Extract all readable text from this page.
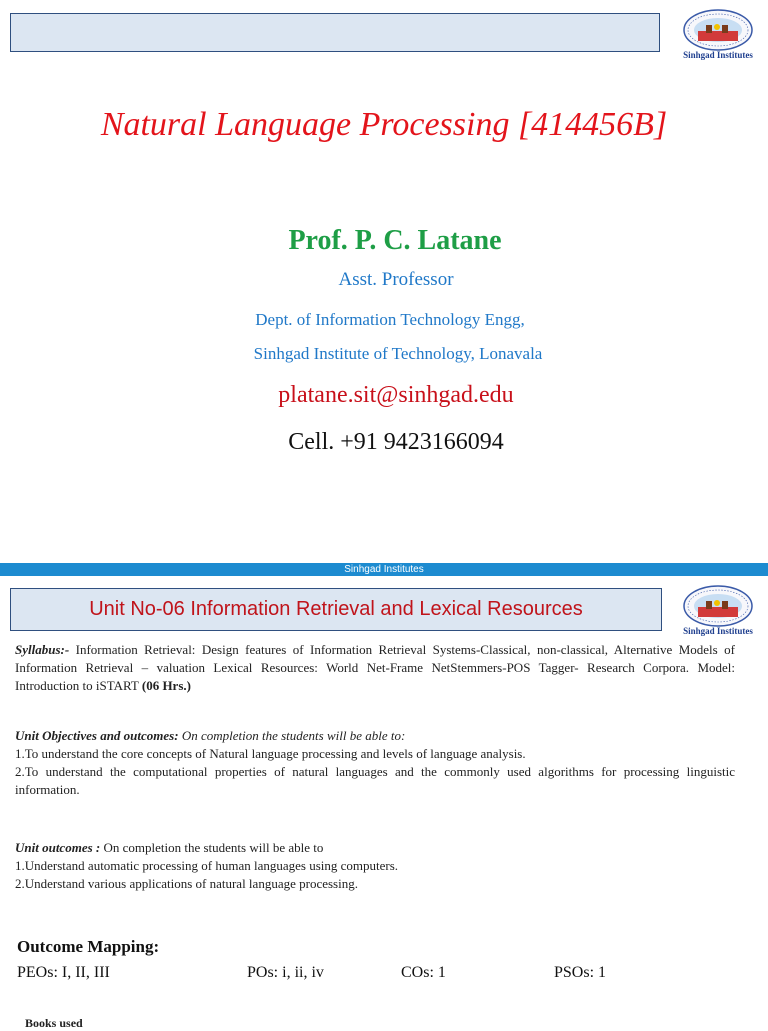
Sinhgad Institutes
Natural Language Processing [414456B]
Prof. P. C. Latane
Asst. Professor
Dept. of Information Technology Engg,
Sinhgad Institute of Technology, Lonavala
platane.sit@sinhgad.edu
Cell. +91 9423166094
Sinhgad Institutes
Unit No-06 Information Retrieval and Lexical Resources
Sinhgad Institutes
Syllabus:- Information Retrieval: Design features of Information Retrieval Systems-Classical, non-classical, Alternative Models of Information Retrieval – valuation Lexical Resources: World Net-Frame NetStemmers-POS Tagger- Research Corpora. Model: Introduction to iSTART (06 Hrs.)
Unit Objectives and outcomes: On completion the students will be able to:
1.To understand the core concepts of Natural language processing and levels of language analysis.
2.To understand the computational properties of natural languages and the commonly used algorithms for processing linguistic information.
Unit outcomes : On completion the students will be able to
1.Understand automatic processing of human languages using computers.
2.Understand various applications of natural language processing.
Outcome Mapping:
PEOs: I, II, III	POs: i, ii, iv	COs: 1	PSOs: 1
Books used
